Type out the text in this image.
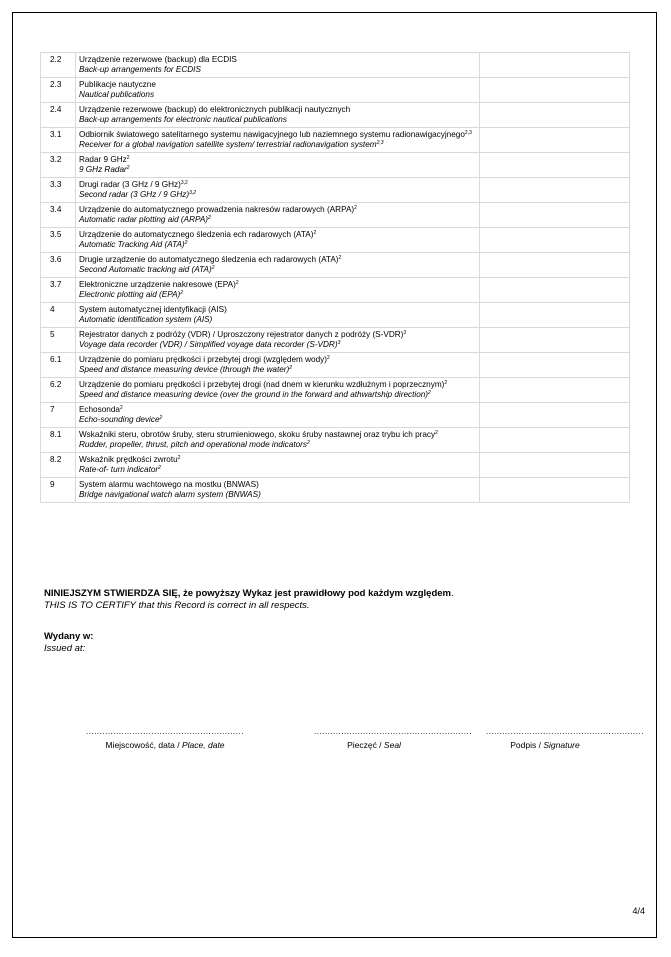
2.2	Urządzenie rezerwowe (backup) dla ECDIS
Back-up arrangements for ECDIS	

2.3	Publikacje nautyczne
Nautical publications	

2.4	Urządzenie rezerwowe (backup) do elektronicznych publikacji nautycznych
Back-up arrangements for electronic nautical publications	

3.1	Odbiornik światowego satelitarnego systemu nawigacyjnego lub naziemnego systemu radionawigacyjnego$^{2,3}$
Receiver for a global navigation satellite system/ terrestrial radionavigation system$^{2,3}$

3.2	Radar 9 GHz$^2$
9 GHz Radar$^2$

3.3	Drugi radar (3 GHz / 9 GHz)$^{3,2}$
Second radar (3 GHz / 9 GHz)$^{3,2}$

3.4	Urządzenie do automatycznego prowadzenia nakresów radarowych (ARPA)$^2$
Automatic radar plotting aid (ARPA)$^2$

3.5	Urządzenie do automatycznego śledzenia ech radarowych (ATA)$^2$
Automatic Tracking Aid (ATA)$^2$

3.6	Drugie urządzenie do automatycznego śledzenia ech radarowych (ATA)$^2$
Second Automatic tracking aid (ATA)$^2$

3.7	Elektroniczne urządzenie nakresowe (EPA)$^2$
Electronic plotting aid (EPA)$^2$

4	System automatycznej identyfikacji (AIS)
Automatic identification system (AIS)	

5	Rejestrator danych z podróży (VDR) / Uproszczony rejestrator danych z podróży $(S-VDR)^3$
Voyage data recorder (VDR) / Simplified voyage data recorder $(S-VDR)^3$

6.1	Urządzenie do pomiaru prędkości i przebytej drogi (względem wody)$^2$
Speed and distance measuring device (through the water)$^2$

6.2	Urządzenie do pomiaru prędkości i przebytej drogi (nad dnem w kierunku wzdłużnym i poprzecznym)$^2$
Speed and distance measuring device (over the ground in the forward and athwartship direction)$^2$

7	Echosonda$^2$
Echo-sounding device$^2$

8.1	Wskaźniki steru, obrotów śruby, steru strumieniowego, skoku śruby nastawnej oraz trybu ich pracy$^2$
Rudder, propeller, thrust, pitch and operational mode indicators$^2$

8.2	Wskaźnik prędkości zwrotu$^2$
Rate-of- turn indicator$^2$

9	System alarmu wachtowego na mostku (BNWAS)
Bridge navigational watch alarm system (BNWAS)	

NINIEJSZYM STWIERDZA SIĘ, że powyższy Wykaz jest prawidłowy pod każdym względem.
THIS IS TO CERTIFY that this Record is correct in all respects.
Wydany w:
Issued at:
..........................................................
Miejscowość, data / Place, date
..........................................................
Pieczęć / Seal
..........................................................
Podpis / Signature
4/4
